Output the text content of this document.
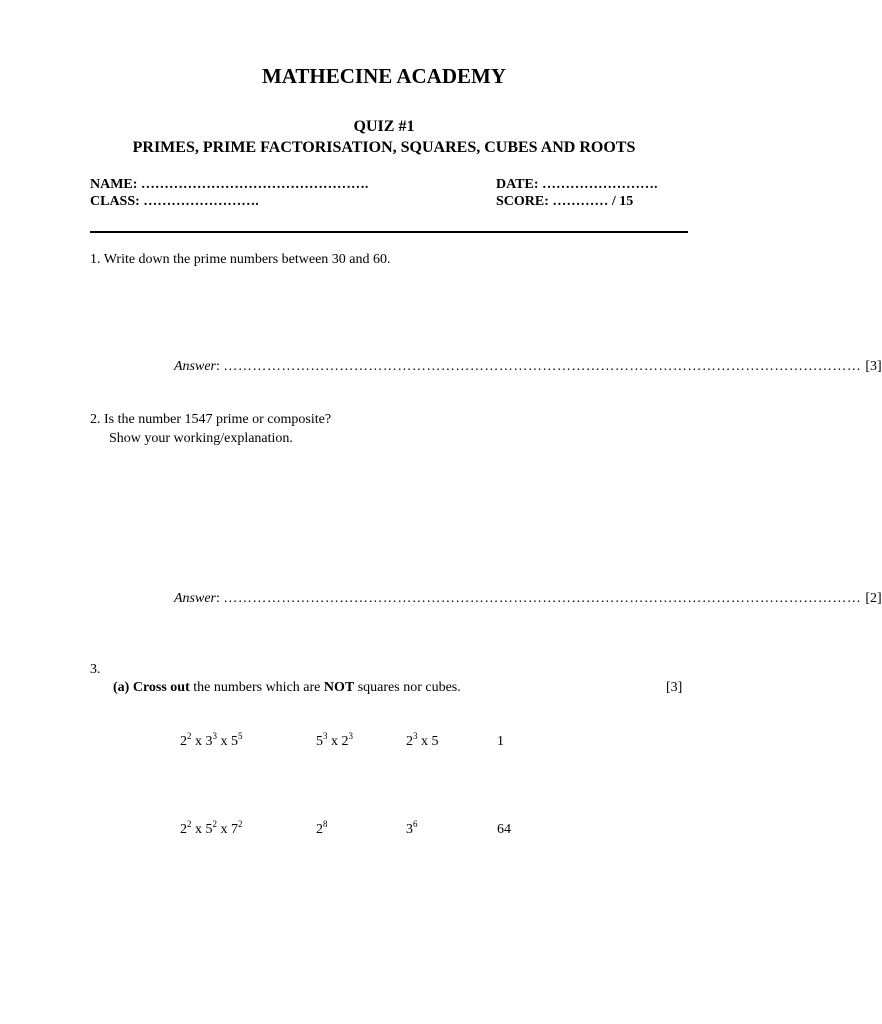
MATHECINE ACADEMY
QUIZ #1
PRIMES, PRIME FACTORISATION, SQUARES, CUBES AND ROOTS
NAME: ………………………………………….	DATE: …………………….
CLASS: …………………….	SCORE: ………… / 15
1. Write down the prime numbers between 30 and 60.
Answer :
…………………………………………………………………………………………………………………… [3]
2. Is the number 1547 prime or composite?
Show your working/explanation.
Answer :
…………………………………………………………………………………………………………………… [2]
3.
(a) Cross out the numbers which are NOT squares nor cubes.	[3]
$2^2$ x $3^3$ x $5^5$	$5^3$ x $2^3$	$2^3$ x 5	1
$2^2$ x $5^2$ x $7^2$	$2^8$	$3^6$	64
